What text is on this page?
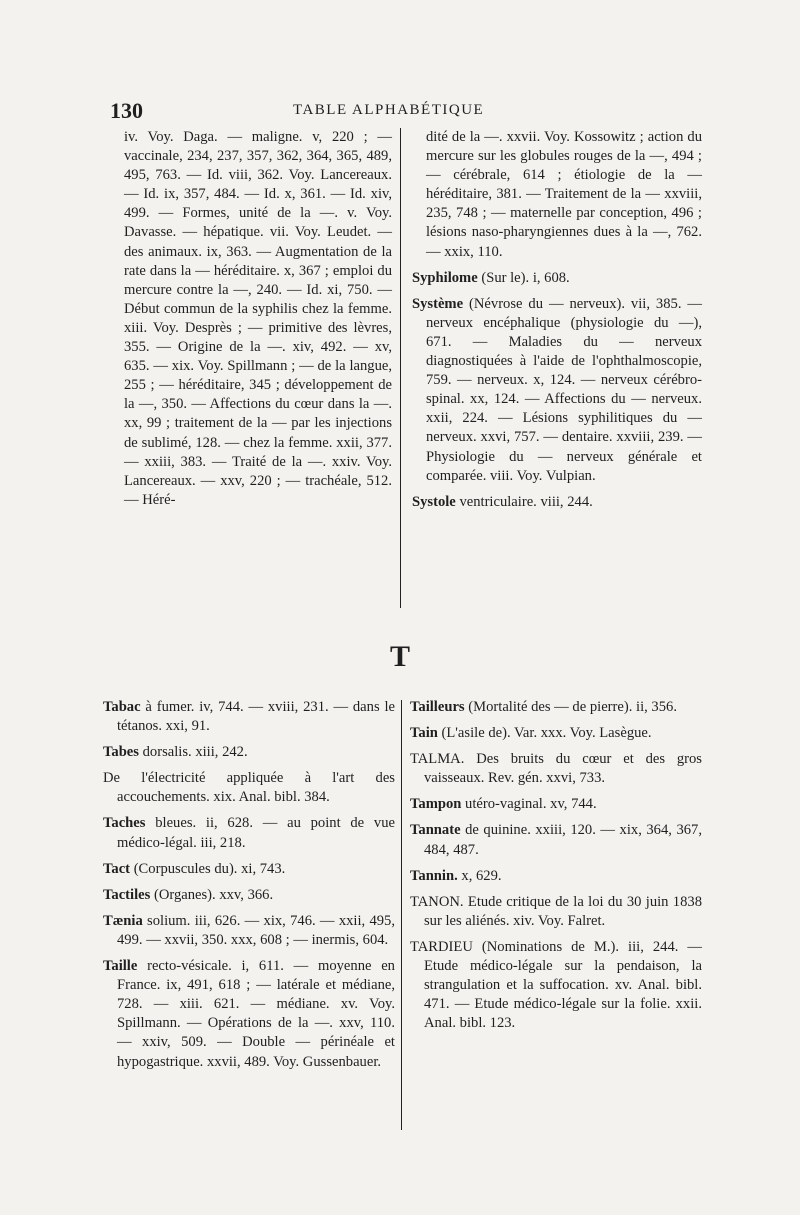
130	TABLE ALPHABÉTIQUE

iv. Voy. Daga. — maligne. v, 220 ; — vaccinale, 234, 237, 357, 362, 364, 365, 489, 495, 763. — Id. viii, 362. Voy. Lancereaux. — Id. ix, 357, 484. — Id. x, 361. — Id. xiv, 499. — Formes, unité de la —. v. Voy. Davasse. — hépatique. vii. Voy. Leudet. — des animaux. ix, 363. — Augmentation de la rate dans la — héréditaire. x, 367 ; emploi du mercure contre la —, 240. — Id. xi, 750. — Début commun de la syphilis chez la femme. xiii. Voy. Desprès ; — primitive des lèvres, 355. — Origine de la —. xiv, 492. — xv, 635. — xix. Voy. Spillmann ; — de la langue, 255 ; — héréditaire, 345 ; développement de la —, 350. — Affections du cœur dans la —. xx, 99 ; traitement de la — par les injections de sublimé, 128. — chez la femme. xxii, 377. — xxiii, 383. — Traité de la —. xxiv. Voy. Lancereaux. — xxv, 220 ; — trachéale, 512. — Héré-

dité de la —. xxvii. Voy. Kossowitz ; action du mercure sur les globules rouges de la —, 494 ; — cérébrale, 614 ; étiologie de la — héréditaire, 381. — Traitement de la — xxviii, 235, 748 ; — maternelle par conception, 496 ; lésions naso-pharyngiennes dues à la —, 762. — xxix, 110.

Syphilome (Sur le). i, 608.

Système (Névrose du — nerveux). vii, 385. — nerveux encéphalique (physiologie du —), 671. — Maladies du — nerveux diagnostiquées à l'aide de l'ophthalmoscopie, 759. — nerveux. x, 124. — nerveux cérébro-spinal. xx, 124. — Affections du — nerveux. xxii, 224. — Lésions syphilitiques du — nerveux. xxvi, 757. — dentaire. xxviii, 239. — Physiologie du — nerveux générale et comparée. viii. Voy. Vulpian.

Systole ventriculaire. viii, 244.

T

Tabac à fumer. iv, 744. — xviii, 231. — dans le tétanos. xxi, 91.

Tabes dorsalis. xiii, 242.

De l'électricité appliquée à l'art des accouchements. xix. Anal. bibl. 384.

Taches bleues. ii, 628. — au point de vue médico-légal. iii, 218.

Tact (Corpuscules du). xi, 743.

Tactiles (Organes). xxv, 366.

Tænia solium. iii, 626. — xix, 746. — xxii, 495, 499. — xxvii, 350. xxx, 608 ; — inermis, 604.

Taille recto-vésicale. i, 611. — moyenne en France. ix, 491, 618 ; — latérale et médiane, 728. — xiii. 621. — médiane. xv. Voy. Spillmann. — Opérations de la —. xxv, 110. — xxiv, 509. — Double — périnéale et hypogastrique. xxvii, 489. Voy. Gussenbauer.

Tailleurs (Mortalité des — de pierre). ii, 356.

Tain (L'asile de). Var. xxx. Voy. Lasègue.

TALMA. Des bruits du cœur et des gros vaisseaux. Rev. gén. xxvi, 733.

Tampon utéro-vaginal. xv, 744.

Tannate de quinine. xxiii, 120. — xix, 364, 367, 484, 487.

Tannin. x, 629.

TANON. Etude critique de la loi du 30 juin 1838 sur les aliénés. xiv. Voy. Falret.

TARDIEU (Nominations de M.). iii, 244. — Etude médico-légale sur la pendaison, la strangulation et la suffocation. xv. Anal. bibl. 471. — Etude médico-légale sur la folie. xxii. Anal. bibl. 123.
